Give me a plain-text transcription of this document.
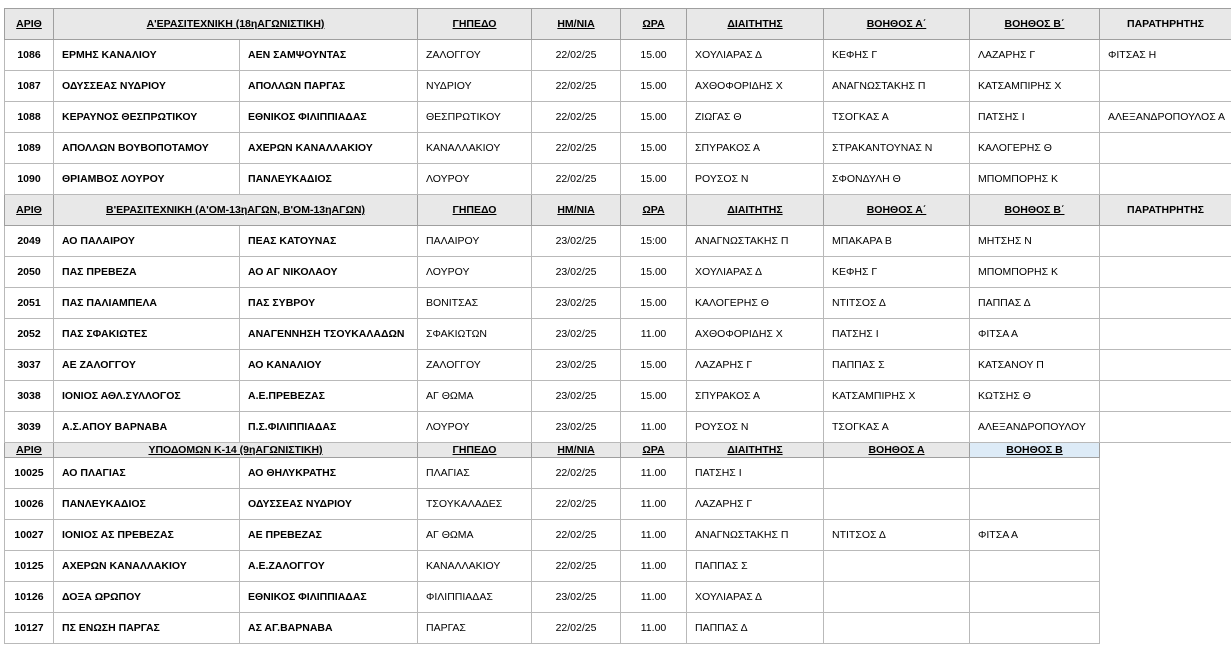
ΑΡΙΘ	Α'ΕΡΑΣΙΤΕΧΝΙΚΗ (18ηΑΓΩΝΙΣΤΙΚΗ)		ΓΗΠΕΔΟ	ΗΜ/ΝΙΑ	ΩΡΑ	ΔΙΑΙΤΗΤΗΣ	ΒΟΗΘΟΣ Α΄	ΒΟΗΘΟΣ Β΄	ΠΑΡΑΤΗΡΗΤΗΣ
1086	ΕΡΜΗΣ ΚΑΝΑΛΙΟΥ	ΑΕΝ ΣΑΜΨΟΥΝΤΑΣ	ΖΑΛΟΓΓΟΥ	22/02/25	15.00	ΧΟΥΛΙΑΡΑΣ Δ	ΚΕΦΗΣ Γ	ΛΑΖΑΡΗΣ Γ	ΦΙΤΣΑΣ Η
1087	ΟΔΥΣΣΕΑΣ ΝΥΔΡΙΟΥ	ΑΠΟΛΛΩΝ ΠΑΡΓΑΣ	ΝΥΔΡΙΟΥ	22/02/25	15.00	ΑΧΘΟΦΟΡΙΔΗΣ Χ	ΑΝΑΓΝΩΣΤΑΚΗΣ Π	ΚΑΤΣΑΜΠΙΡΗΣ Χ	
1088	ΚΕΡΑΥΝΟΣ ΘΕΣΠΡΩΤΙΚΟΥ	ΕΘΝΙΚΟΣ ΦΙΛΙΠΠΙΑΔΑΣ	ΘΕΣΠΡΩΤΙΚΟΥ	22/02/25	15.00	ΖΙΩΓΑΣ Θ	ΤΣΟΓΚΑΣ Α	ΠΑΤΣΗΣ Ι	ΑΛΕΞΑΝΔΡΟΠΟΥΛΟΣ Α
1089	ΑΠΟΛΛΩΝ ΒΟΥΒΟΠΟΤΑΜΟΥ	ΑΧΕΡΩΝ ΚΑΝΑΛΛΑΚΙΟΥ	ΚΑΝΑΛΛΑΚΙΟΥ	22/02/25	15.00	ΣΠΥΡΑΚΟΣ Α	ΣΤΡΑΚΑΝΤΟΥΝΑΣ Ν	ΚΑΛΟΓΕΡΗΣ Θ	
1090	ΘΡΙΑΜΒΟΣ ΛΟΥΡΟΥ	ΠΑΝΛΕΥΚΑΔΙΟΣ	ΛΟΥΡΟΥ	22/02/25	15.00	ΡΟΥΣΟΣ Ν	ΣΦΟΝΔΥΛΗ Θ	ΜΠΟΜΠΟΡΗΣ Κ	
ΑΡΙΘ	Β'ΕΡΑΣΙΤΕΧΝΙΚΗ (Α'ΟΜ-13ηΑΓΩΝ, Β'ΟΜ-13ηΑΓΩΝ)		ΓΗΠΕΔΟ	ΗΜ/ΝΙΑ	ΩΡΑ	ΔΙΑΙΤΗΤΗΣ	ΒΟΗΘΟΣ Α΄	ΒΟΗΘΟΣ Β΄	ΠΑΡΑΤΗΡΗΤΗΣ
2049	ΑΟ ΠΑΛΑΙΡΟΥ	ΠΕΑΣ ΚΑΤΟΥΝΑΣ	ΠΑΛΑΙΡΟΥ	23/02/25	15:00	ΑΝΑΓΝΩΣΤΑΚΗΣ Π	ΜΠΑΚΑΡΑ Β	ΜΗΤΣΗΣ Ν	
2050	ΠΑΣ ΠΡΕΒΕΖΑ	ΑΟ ΑΓ ΝΙΚΟΛΑΟΥ	ΛΟΥΡΟΥ	23/02/25	15.00	ΧΟΥΛΙΑΡΑΣ Δ	ΚΕΦΗΣ Γ	ΜΠΟΜΠΟΡΗΣ Κ	
2051	ΠΑΣ ΠΑΛΙΑΜΠΕΛΑ	ΠΑΣ ΣΥΒΡΟΥ	ΒΟΝΙΤΣΑΣ	23/02/25	15.00	ΚΑΛΟΓΕΡΗΣ Θ	ΝΤΙΤΣΟΣ Δ	ΠΑΠΠΑΣ Δ	
2052	ΠΑΣ ΣΦΑΚΙΩΤΕΣ	ΑΝΑΓΕΝΝΗΣΗ ΤΣΟΥΚΑΛΑΔΩΝ	ΣΦΑΚΙΩΤΩΝ	23/02/25	11.00	ΑΧΘΟΦΟΡΙΔΗΣ Χ	ΠΑΤΣΗΣ Ι	ΦΙΤΣΑ Α	
3037	ΑΕ ΖΑΛΟΓΓΟΥ	ΑΟ ΚΑΝΑΛΙΟΥ	ΖΑΛΟΓΓΟΥ	23/02/25	15.00	ΛΑΖΑΡΗΣ Γ	ΠΑΠΠΑΣ Σ	ΚΑΤΣΑΝΟΥ Π	
3038	ΙΟΝΙΟΣ ΑΘΛ.ΣΥΛΛΟΓΟΣ	Α.Ε.ΠΡΕΒΕΖΑΣ	ΑΓ ΘΩΜΑ	23/02/25	15.00	ΣΠΥΡΑΚΟΣ Α	ΚΑΤΣΑΜΠΙΡΗΣ Χ	ΚΩΤΣΗΣ Θ	
3039	Α.Σ.ΑΠΟΥ ΒΑΡΝΑΒΑ	Π.Σ.ΦΙΛΙΠΠΙΑΔΑΣ	ΛΟΥΡΟΥ	23/02/25	11.00	ΡΟΥΣΟΣ Ν	ΤΣΟΓΚΑΣ Α	ΑΛΕΞΑΝΔΡΟΠΟΥΛΟΥ	
ΑΡΙΘ	ΥΠΟΔΟΜΩΝ Κ-14 (9ηΑΓΩΝΙΣΤΙΚΗ)		ΓΗΠΕΔΟ	ΗΜ/ΝΙΑ	ΩΡΑ	ΔΙΑΙΤΗΤΗΣ	ΒΟΗΘΟΣ Α	ΒΟΗΘΟΣ Β	
10025	ΑΟ ΠΛΑΓΙΑΣ	ΑΟ ΘΗΛΥΚΡΑΤΗΣ	ΠΛΑΓΙΑΣ	22/02/25	11.00	ΠΑΤΣΗΣ Ι			
10026	ΠΑΝΛΕΥΚΑΔΙΟΣ	ΟΔΥΣΣΕΑΣ ΝΥΔΡΙΟΥ	ΤΣΟΥΚΑΛΑΔΕΣ	22/02/25	11.00	ΛΑΖΑΡΗΣ Γ			
10027	ΙΟΝΙΟΣ ΑΣ ΠΡΕΒΕΖΑΣ	ΑΕ ΠΡΕΒΕΖΑΣ	ΑΓ ΘΩΜΑ	22/02/25	11.00	ΑΝΑΓΝΩΣΤΑΚΗΣ Π	ΝΤΙΤΣΟΣ Δ	ΦΙΤΣΑ Α	
10125	ΑΧΕΡΩΝ ΚΑΝΑΛΛΑΚΙΟΥ	Α.Ε.ΖΑΛΟΓΓΟΥ	ΚΑΝΑΛΛΑΚΙΟΥ	22/02/25	11.00	ΠΑΠΠΑΣ Σ			
10126	ΔΟΞΑ ΩΡΩΠΟΥ	ΕΘΝΙΚΟΣ ΦΙΛΙΠΠΙΑΔΑΣ	ΦΙΛΙΠΠΙΑΔΑΣ	23/02/25	11.00	ΧΟΥΛΙΑΡΑΣ Δ			
10127	ΠΣ ΕΝΩΣΗ ΠΑΡΓΑΣ	ΑΣ ΑΓ.ΒΑΡΝΑΒΑ	ΠΑΡΓΑΣ	22/02/25	11.00	ΠΑΠΠΑΣ Δ			
